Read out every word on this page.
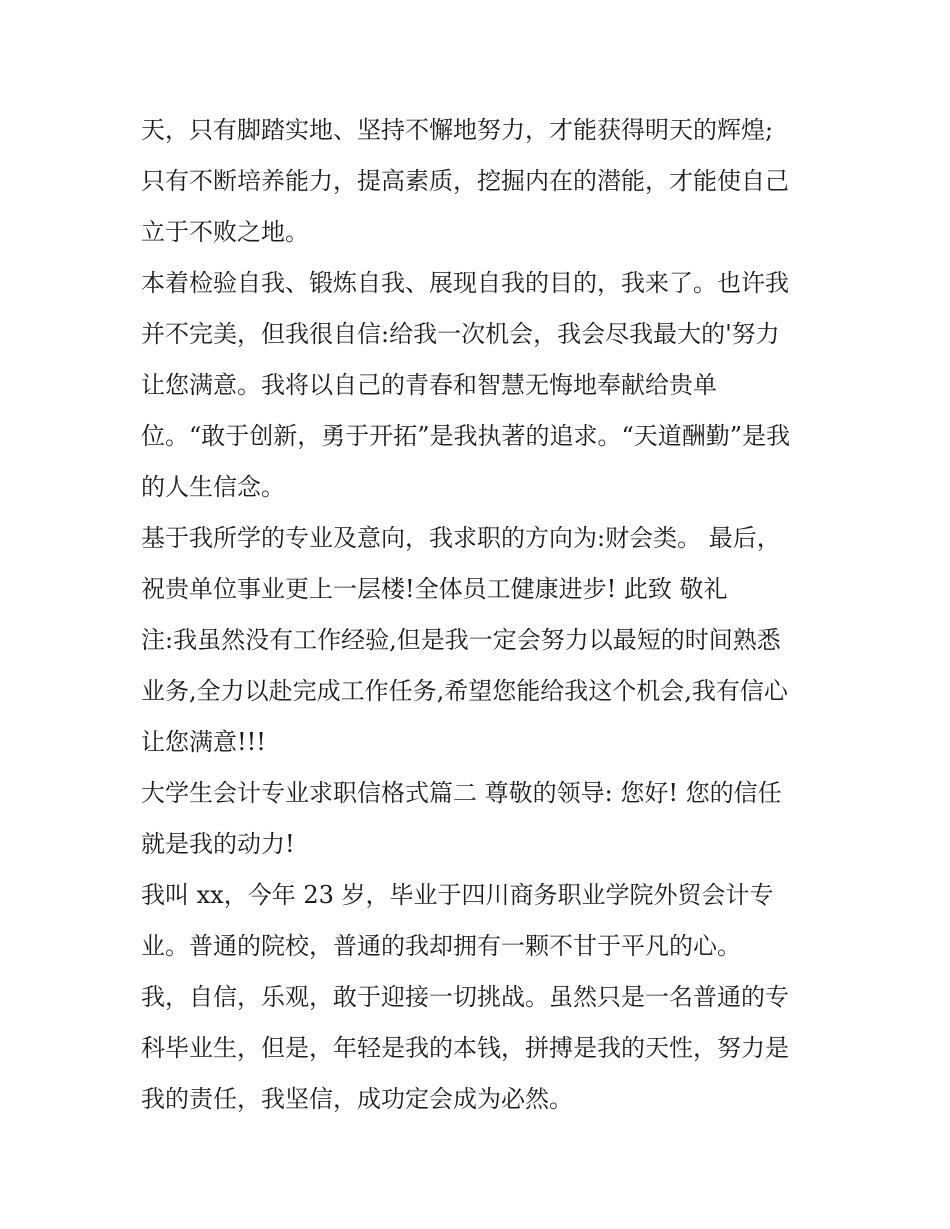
天，只有脚踏实地、坚持不懈地努力，才能获得明天的辉煌;
只有不断培养能力，提高素质，挖掘内在的潜能，才能使自己
立于不败之地。
本着检验自我、锻炼自我、展现自我的目的，我来了。也许我
并不完美，但我很自信:给我一次机会，我会尽我最大的'努力
让您满意。我将以自己的青春和智慧无悔地奉献给贵单
位。“敢于创新，勇于开拓”是我执著的追求。“天道酬勤”是我
的人生信念。
基于我所学的专业及意向，我求职的方向为:财会类。 最后，
祝贵单位事业更上一层楼!全体员工健康进步! 此致 敬礼
注:我虽然没有工作经验,但是我一定会努力以最短的时间熟悉
业务,全力以赴完成工作任务,希望您能给我这个机会,我有信心
让您满意!!!
大学生会计专业求职信格式篇二 尊敬的领导: 您好! 您的信任
就是我的动力!
我叫 xx，今年 23 岁，毕业于四川商务职业学院外贸会计专
业。普通的院校，普通的我却拥有一颗不甘于平凡的心。
我，自信，乐观，敢于迎接一切挑战。虽然只是一名普通的专
科毕业生，但是，年轻是我的本钱，拼搏是我的天性，努力是
我的责任，我坚信，成功定会成为必然。
